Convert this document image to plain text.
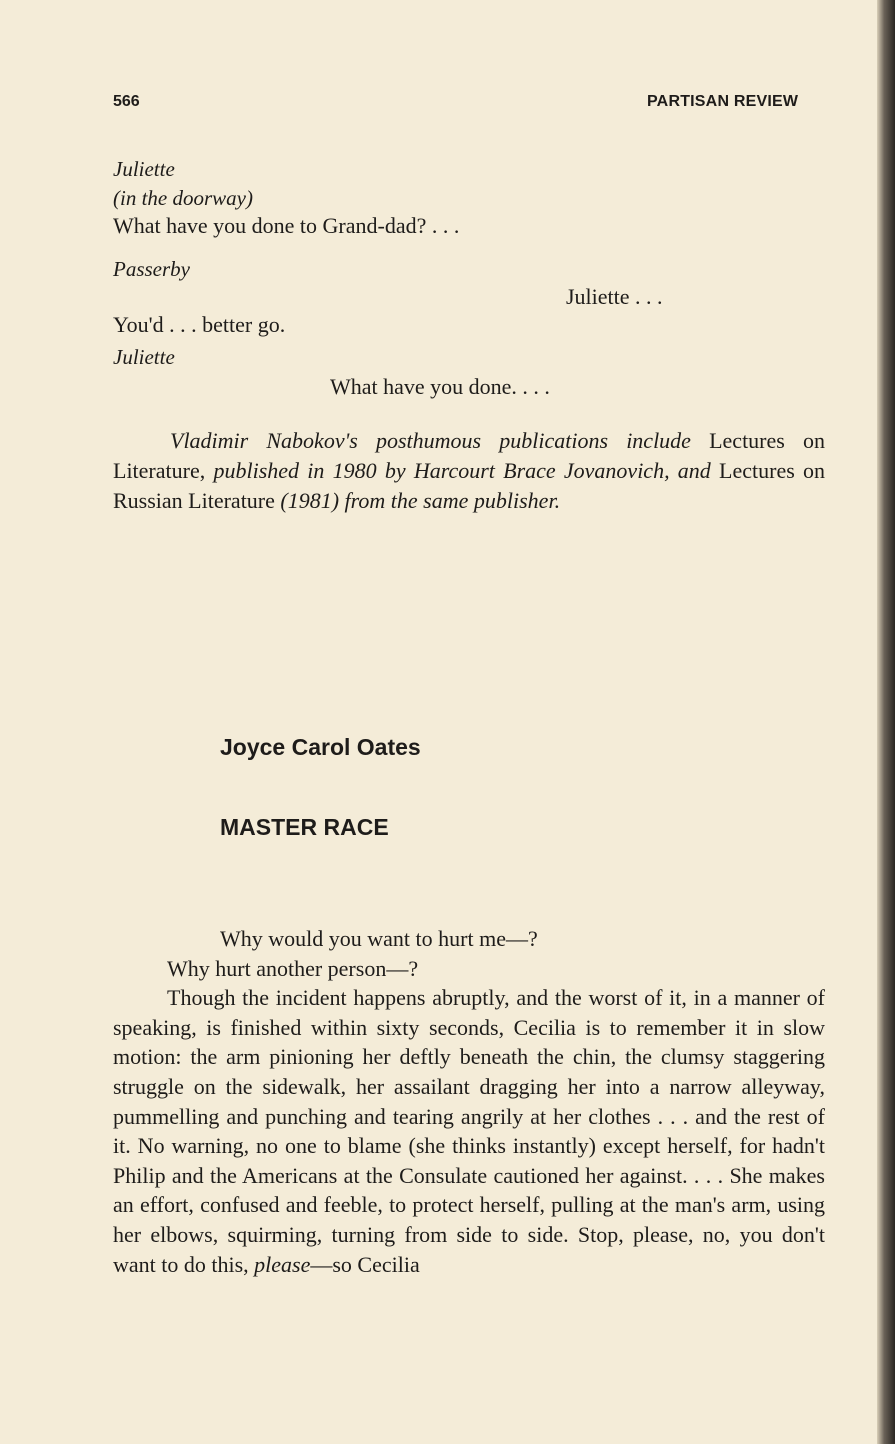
566	PARTISAN REVIEW
Juliette
(in the doorway)
What have you done to Grand-dad? . . .
Passerby
Juliette . . .
You'd . . . better go.
Juliette
What have you done. . . .
Vladimir Nabokov's posthumous publications include Lectures on Literature, published in 1980 by Harcourt Brace Jovanovich, and Lectures on Russian Literature (1981) from the same publisher.
Joyce Carol Oates
MASTER RACE

Why would you want to hurt me—?

Why hurt another person—?

Though the incident happens abruptly, and the worst of it, in a manner of speaking, is finished within sixty seconds, Cecilia is to remember it in slow motion: the arm pinioning her deftly beneath the chin, the clumsy staggering struggle on the sidewalk, her assailant dragging her into a narrow alleyway, pummelling and punching and tearing angrily at her clothes . . . and the rest of it. No warning, no one to blame (she thinks instantly) except herself, for hadn't Philip and the Americans at the Consulate cautioned her against. . . . She makes an effort, confused and feeble, to protect herself, pulling at the man's arm, using her elbows, squirming, turning from side to side. Stop, please, no, you don't want to do this, please—so Cecilia
